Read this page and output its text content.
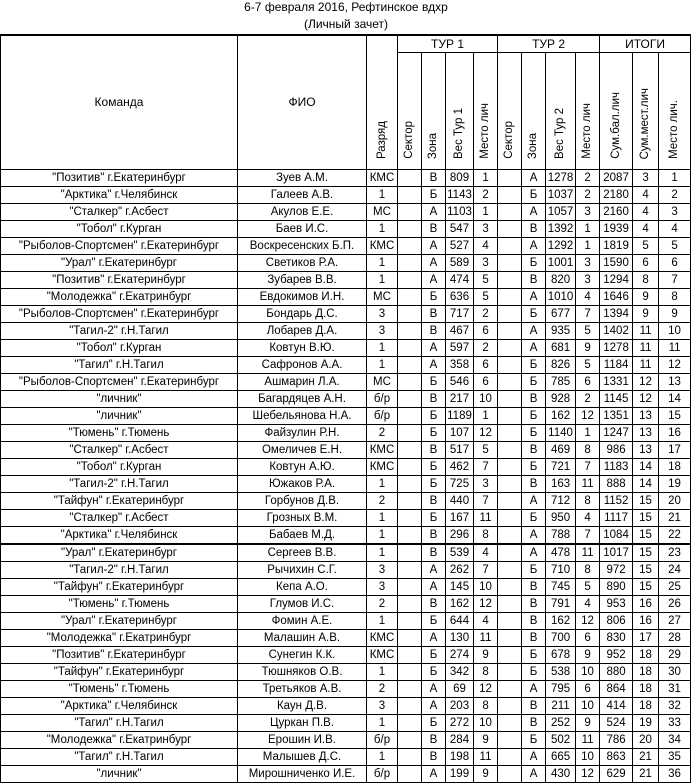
6-7 февраля 2016, Рефтинское вдхр
(Личный зачет)
Команда	ФИО	Разряд	ТУР 1				ТУР 2				ИТОГИ		
			Сектор	Зона	Вес Тур 1	Место лич	Сектор	Зона	Вес Тур 2	Место лич	Сум.бал.лич	Сум.мест.лич	Место лич.
"Позитив" г.Екатеринбург	Зуев А.М.	КМС		В	809	1		А	1278	2	2087	3	1
"Арктика" г.Челябинск	Галеев А.В.	1		Б	1143	2		Б	1037	2	2180	4	2
"Сталкер" г.Асбест	Акулов Е.Е.	МС		А	1103	1		А	1057	3	2160	4	3
"Тобол" г.Курган	Баев И.С.	1		В	547	3		В	1392	1	1939	4	4
"Рыболов-Спортсмен" г.Екатеринбург	Воскресенских Б.П.	КМС		А	527	4		А	1292	1	1819	5	5
"Урал" г.Екатеринбург	Светиков Р.А.	1		А	589	3		Б	1001	3	1590	6	6
"Позитив" г.Екатеринбург	Зубарев В.В.	1		А	474	5		В	820	3	1294	8	7
"Молодежка" г.Екатринбург	Евдокимов И.Н.	МС		Б	636	5		А	1010	4	1646	9	8
"Рыболов-Спортсмен" г.Екатеринбург	Бондарь Д.С.	3		В	717	2		Б	677	7	1394	9	9
"Тагил-2" г.Н.Тагил	Лобарев Д.А.	3		В	467	6		А	935	5	1402	11	10
"Тобол" г.Курган	Ковтун В.Ю.	1		А	597	2		А	681	9	1278	11	11
"Тагил" г.Н.Тагил	Сафронов А.А.	1		А	358	6		Б	826	5	1184	11	12
"Рыболов-Спортсмен" г.Екатеринбург	Ашмарин Л.А.	МС		Б	546	6		Б	785	6	1331	12	13
"личник"	Багардяцев А.Н.	б/р		В	217	10		В	928	2	1145	12	14
"личник"	Шебельянова Н.А.	б/р		Б	1189	1		Б	162	12	1351	13	15
"Тюмень" г.Тюмень	Файзулин Р.Н.	2		Б	107	12		Б	1140	1	1247	13	16
"Сталкер" г.Асбест	Омеличев Е.Н.	КМС		В	517	5		В	469	8	986	13	17
"Тобол" г.Курган	Ковтун А.Ю.	КМС		Б	462	7		Б	721	7	1183	14	18
"Тагил-2" г.Н.Тагил	Южаков Р.А.	1		Б	725	3		В	163	11	888	14	19
"Тайфун" г.Екатеринбург	Горбунов Д.В.	2		В	440	7		А	712	8	1152	15	20
"Сталкер" г.Асбест	Грозных В.М.	1		Б	167	11		Б	950	4	1117	15	21
"Арктика" г.Челябинск	Бабаев М.Д.	1		В	296	8		А	788	7	1084	15	22
"Урал" г.Екатеринбург	Сергеев В.В.	1		В	539	4		А	478	11	1017	15	23
"Тагил-2" г.Н.Тагил	Рычихин С.Г.	3		А	262	7		Б	710	8	972	15	24
"Тайфун" г.Екатеринбург	Кепа А.О.	3		А	145	10		В	745	5	890	15	25
"Тюмень" г.Тюмень	Глумов И.С.	2		В	162	12		В	791	4	953	16	26
"Урал" г.Екатеринбург	Фомин А.Е.	1		Б	644	4		В	162	12	806	16	27
"Молодежка" г.Екатринбург	Малашин А.В.	КМС		А	130	11		В	700	6	830	17	28
"Позитив" г.Екатеринбург	Сунегин К.К.	КМС		Б	274	9		Б	678	9	952	18	29
"Тайфун" г.Екатеринбург	Тюшняков О.В.	1		Б	342	8		Б	538	10	880	18	30
"Тюмень" г.Тюмень	Третьяков А.В.	2		А	69	12		А	795	6	864	18	31
"Арктика" г.Челябинск	Каун Д.В.	3		А	203	8		В	211	10	414	18	32
"Тагил" г.Н.Тагил	Цуркан П.В.	1		Б	272	10		В	252	9	524	19	33
"Молодежка" г.Екатринбург	Ерошин И.В.	б/р		В	284	9		Б	502	11	786	20	34
"Тагил" г.Н.Тагил	Малышев Д.С.	1		В	198	11		А	665	10	863	21	35
"личник"	Мирошниченко И.Е.	б/р		А	199	9		А	430	12	629	21	36
